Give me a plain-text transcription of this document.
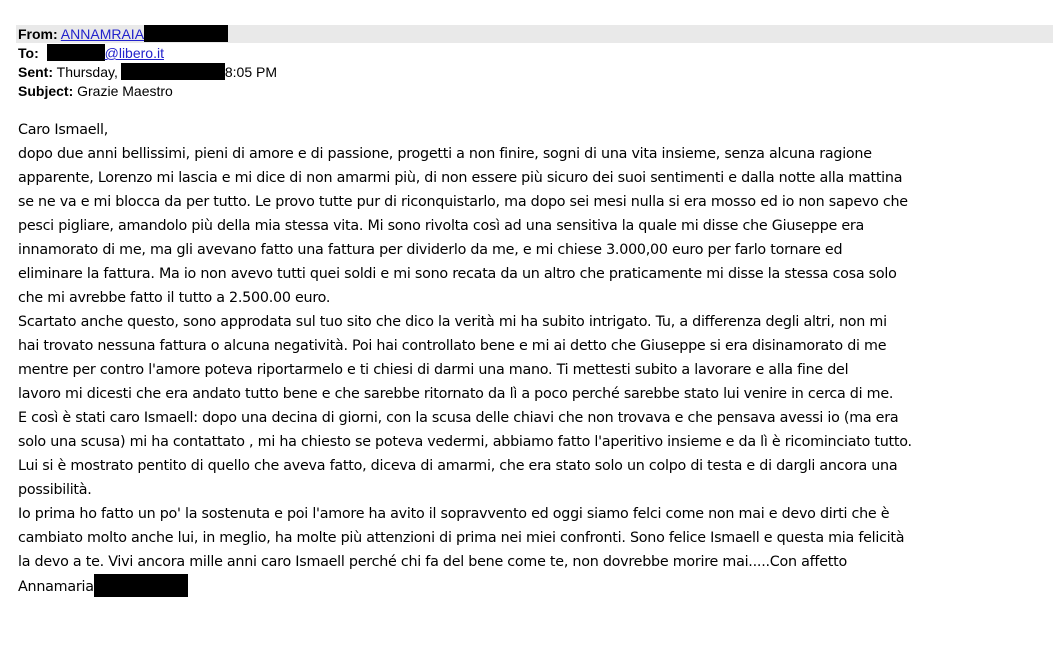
From: ANNAMRAIA
To:	@libero.it
Sent: Thursday,	8:05 PM
Subject: Grazie Maestro
Caro Ismaell,
dopo due anni bellissimi, pieni di amore e di passione, progetti a non finire, sogni di una vita insieme, senza alcuna ragione
apparente, Lorenzo mi lascia e mi dice di non amarmi più, di non essere più sicuro dei suoi sentimenti e dalla notte alla mattina
se ne va e mi blocca da per tutto. Le provo tutte pur di riconquistarlo, ma dopo sei mesi nulla si era mosso ed io non sapevo che
pesci pigliare, amandolo più della mia stessa vita. Mi sono rivolta così ad una sensitiva la quale mi disse che Giuseppe era
innamorato di me, ma gli avevano fatto una fattura per dividerlo da me, e mi chiese 3.000,00 euro per farlo tornare ed
eliminare la fattura. Ma io non avevo tutti quei soldi e mi sono recata da un altro che praticamente mi disse la stessa cosa solo
che mi avrebbe fatto il tutto a 2.500.00 euro.
Scartato anche questo, sono approdata sul tuo sito che dico la verità mi ha subito intrigato. Tu, a differenza degli altri, non mi
hai trovato nessuna fattura o alcuna negatività. Poi hai controllato bene e mi ai detto che Giuseppe si era disinamorato di me
mentre per contro l'amore poteva riportarmelo e ti chiesi di darmi una mano. Ti mettesti subito a lavorare e alla fine del
lavoro mi dicesti che era andato tutto bene e che sarebbe ritornato da lì a poco perché sarebbe stato lui venire in cerca di me.
E così è stati caro Ismaell: dopo una decina di giorni, con la scusa delle chiavi che non trovava e che pensava avessi io (ma era
solo una scusa) mi ha contattato , mi ha chiesto se poteva vedermi, abbiamo fatto l'aperitivo insieme e da lì è ricominciato tutto.
Lui si è mostrato pentito di quello che aveva fatto, diceva di amarmi, che era stato solo un colpo di testa e di dargli ancora una
possibilità.
Io prima ho fatto un po' la sostenuta e poi l'amore ha avito il sopravvento ed oggi siamo felci come non mai e devo dirti che è
cambiato molto anche lui, in meglio, ha molte più attenzioni di prima nei miei confronti. Sono felice Ismaell e questa mia felicità
la devo a te. Vivi ancora mille anni caro Ismaell perché chi fa del bene come te, non dovrebbe morire mai.....Con affetto
Annamaria
